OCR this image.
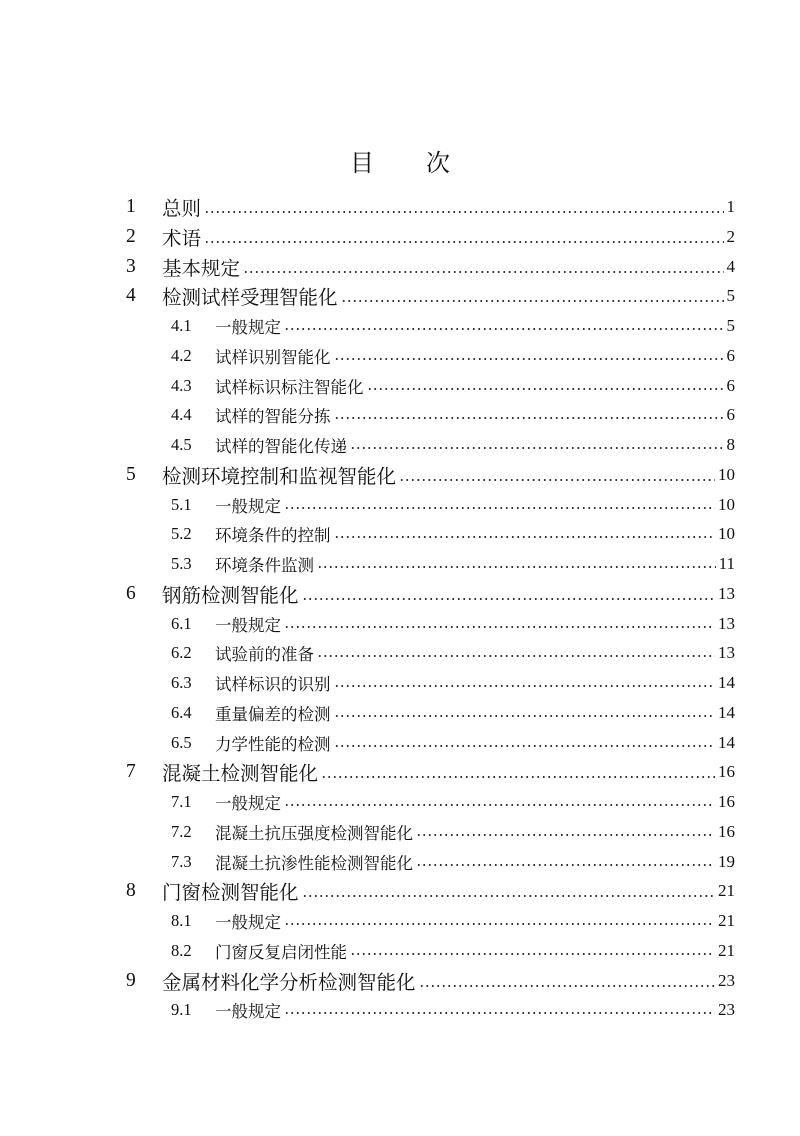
目 次
1 总则	1
2 术语	2
3 基本规定	4
4 检测试样受理智能化	5
4.1 一般规定	5
4.2 试样识别智能化	6
4.3 试样标识标注智能化	6
4.4 试样的智能分拣	6
4.5 试样的智能化传递	8
5 检测环境控制和监视智能化	10
5.1 一般规定	10
5.2 环境条件的控制	10
5.3 环境条件监测	11
6 钢筋检测智能化	13
6.1 一般规定	13
6.2 试验前的准备	13
6.3 试样标识的识别	14
6.4 重量偏差的检测	14
6.5 力学性能的检测	14
7 混凝土检测智能化	16
7.1 一般规定	16
7.2 混凝土抗压强度检测智能化	16
7.3 混凝土抗渗性能检测智能化	19
8 门窗检测智能化	21
8.1 一般规定	21
8.2 门窗反复启闭性能	21
9 金属材料化学分析检测智能化	23
9.1 一般规定	23
